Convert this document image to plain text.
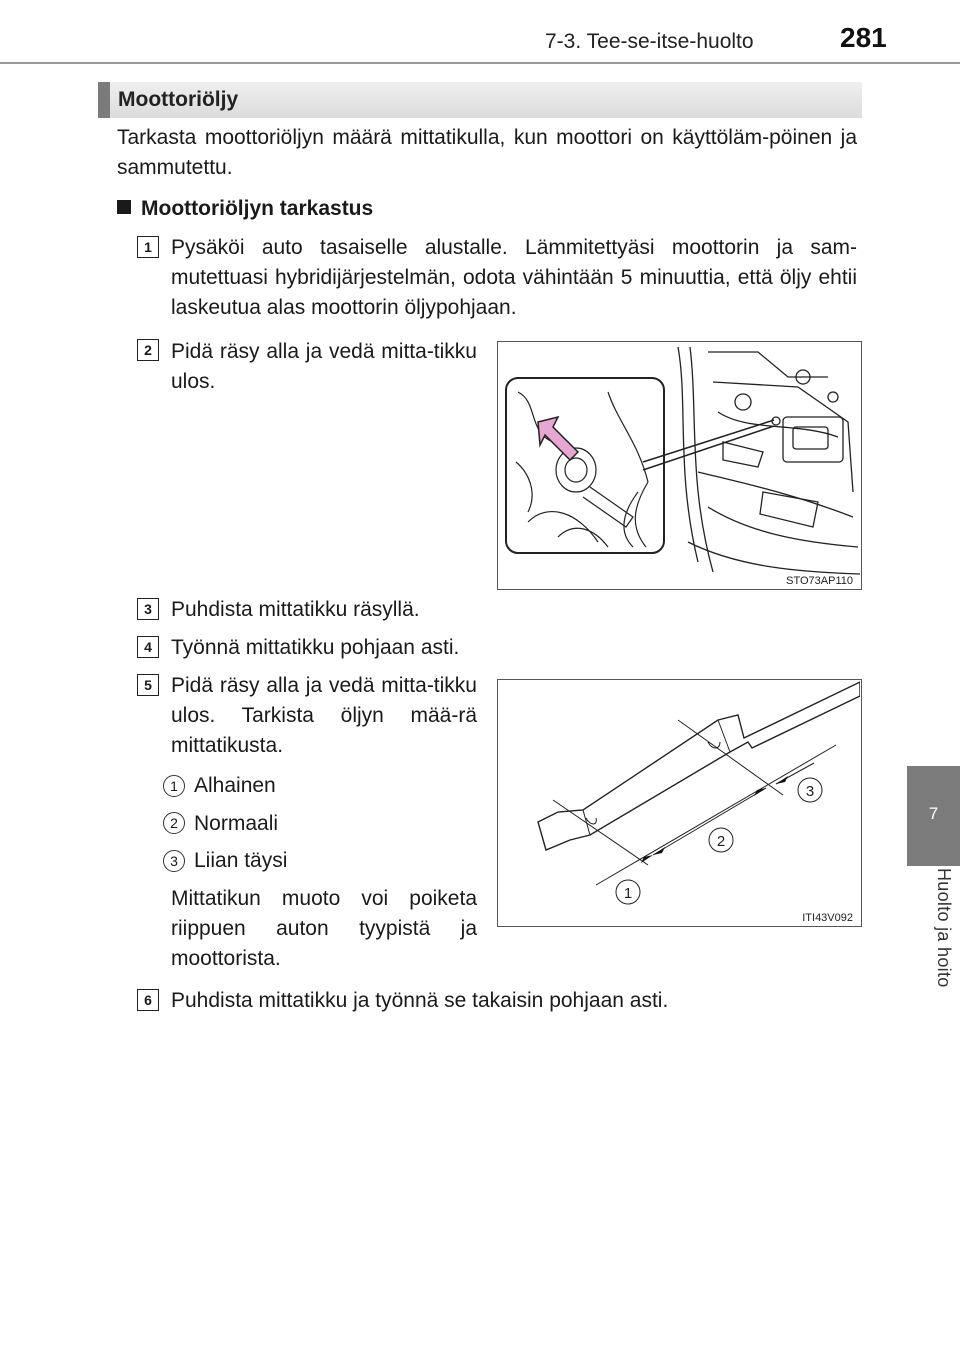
7-3. Tee-se-itse-huolto	281
7
Huolto ja hoito
Moottoriöljy
Tarkasta moottoriöljyn määrä mittatikulla, kun moottori on käyttöläm-pöinen ja sammutettu.
Moottoriöljyn tarkastus
1 Pysäköi auto tasaiselle alustalle. Lämmitettyäsi moottorin ja sam-mutettuasi hybridijärjestelmän, odota vähintään 5 minuuttia, että öljy ehtii laskeutua alas moottorin öljypohjaan.
2 Pidä räsy alla ja vedä mitta-tikku ulos.
STO73AP110
3 Puhdista mittatikku räsyllä.
4 Työnnä mittatikku pohjaan asti.
5 Pidä räsy alla ja vedä mitta-tikku ulos. Tarkista öljyn mää-rä mittatikusta.
1 Alhainen
2 Normaali
3 Liian täysi
Mittatikun muoto voi poiketa riippuen auton tyypistä ja moottorista.
1
2
3
ITI43V092
6 Puhdista mittatikku ja työnnä se takaisin pohjaan asti.
